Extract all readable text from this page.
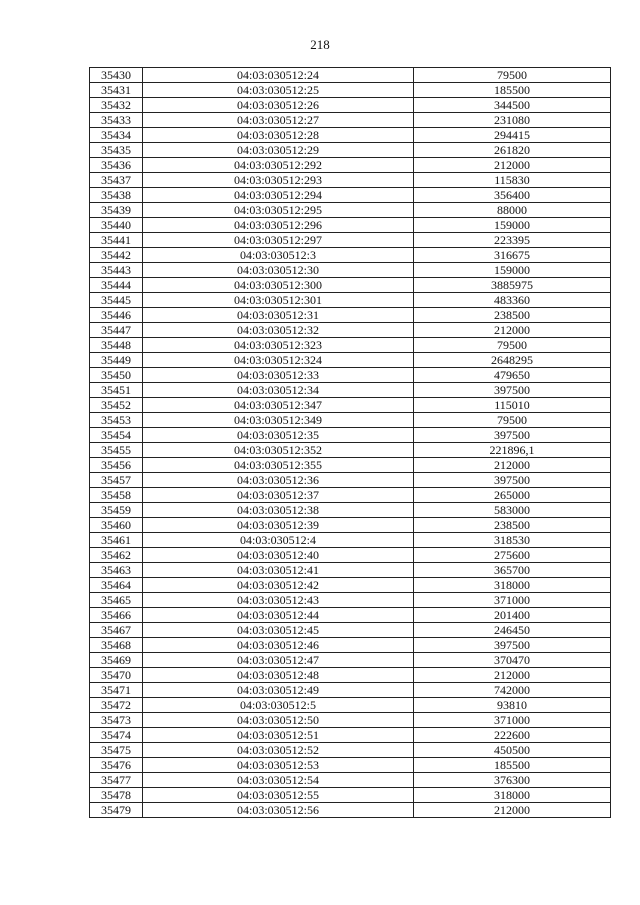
218
35430	04:03:030512:24	79500
35431	04:03:030512:25	185500
35432	04:03:030512:26	344500
35433	04:03:030512:27	231080
35434	04:03:030512:28	294415
35435	04:03:030512:29	261820
35436	04:03:030512:292	212000
35437	04:03:030512:293	115830
35438	04:03:030512:294	356400
35439	04:03:030512:295	88000
35440	04:03:030512:296	159000
35441	04:03:030512:297	223395
35442	04:03:030512:3	316675
35443	04:03:030512:30	159000
35444	04:03:030512:300	3885975
35445	04:03:030512:301	483360
35446	04:03:030512:31	238500
35447	04:03:030512:32	212000
35448	04:03:030512:323	79500
35449	04:03:030512:324	2648295
35450	04:03:030512:33	479650
35451	04:03:030512:34	397500
35452	04:03:030512:347	115010
35453	04:03:030512:349	79500
35454	04:03:030512:35	397500
35455	04:03:030512:352	221896,1
35456	04:03:030512:355	212000
35457	04:03:030512:36	397500
35458	04:03:030512:37	265000
35459	04:03:030512:38	583000
35460	04:03:030512:39	238500
35461	04:03:030512:4	318530
35462	04:03:030512:40	275600
35463	04:03:030512:41	365700
35464	04:03:030512:42	318000
35465	04:03:030512:43	371000
35466	04:03:030512:44	201400
35467	04:03:030512:45	246450
35468	04:03:030512:46	397500
35469	04:03:030512:47	370470
35470	04:03:030512:48	212000
35471	04:03:030512:49	742000
35472	04:03:030512:5	93810
35473	04:03:030512:50	371000
35474	04:03:030512:51	222600
35475	04:03:030512:52	450500
35476	04:03:030512:53	185500
35477	04:03:030512:54	376300
35478	04:03:030512:55	318000
35479	04:03:030512:56	212000
